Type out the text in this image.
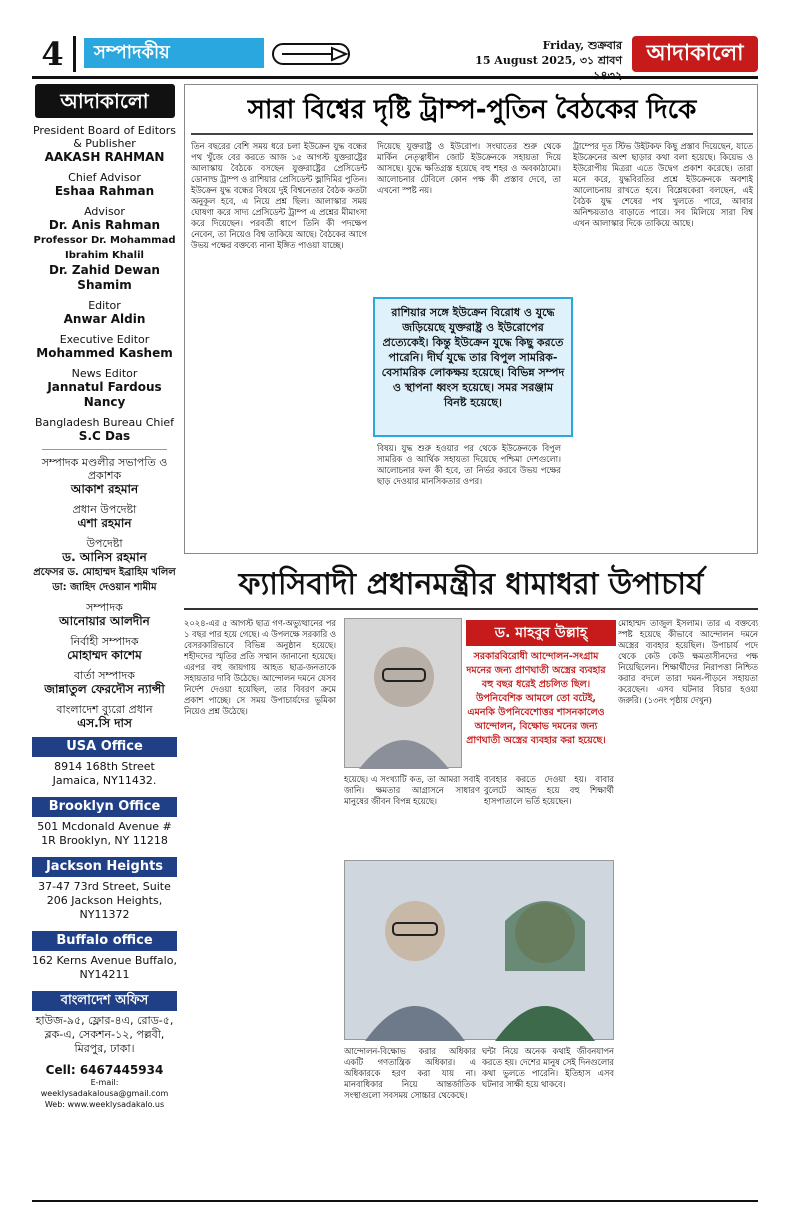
4	সম্পাদকীয়	Friday, শুক্রবার
15 August 2025, ৩১ শ্রাবণ	আদাকালো
আদাকালো
President Board of Editors & Publisher
AAKASH RAHMAN
Chief Advisor
Eshaa Rahman
Advisor
Dr. Anis Rahman
Professor Dr. Mohammad Ibrahim Khalil
Dr. Zahid Dewan Shamim
Editor
Anwar Aldin
Executive Editor
Mohammed Kashem
News Editor
Jannatul Fardous Nancy
Bangladesh Bureau Chief
S.C Das
সম্পাদক মণ্ডলীর সভাপতি ও প্রকাশক
আকাশ রহমান
প্রধান উপদেষ্টা
এশা রহমান
উপদেষ্টা
ড. আনিস রহমান
প্রফেসর ড. মোহাম্মদ ইব্রাহিম খলিল
ডা: জাহিদ দেওয়ান শামীম
সম্পাদক
আনোয়ার আলদীন
নির্বাহী সম্পাদক
মোহাম্মদ কাশেম
বার্তা সম্পাদক
জান্নাতুল ফেরদৌস ন্যান্সী
বাংলাদেশ ব্যুরো প্রধান
এস.সি দাস
USA Office
8914 168th Street Jamaica, NY11432.
Brooklyn Office
501 Mcdonald Avenue # 1R Brooklyn, NY 11218
Jackson Heights
37-47 73rd Street, Suite 206 Jackson Heights, NY11372
Buffalo office
162 Kerns Avenue Buffalo, NY14211
বাংলাদেশ অফিস
হাউজ-৯৫, ফ্লোর-৪এ, রোড-৫, ব্লক-এ, সেকশন-১২, পল্লবী, মিরপুর, ঢাকা।
Cell: 6467445934
E-mail: weeklysadakalousa@gmail.com
Web: www.weeklysadakalo.us
সারা বিশ্বের দৃষ্টি ট্রাম্প-পুতিন বৈঠকের দিকে
তিন বছরের বেশি সময় ধরে চলা ইউক্রেন যুদ্ধ বন্ধের পথ খুঁজে বের করতে আজ ১৫ আগস্ট যুক্তরাষ্ট্রের আলাস্কায় বৈঠকে বসছেন যুক্তরাষ্ট্রের প্রেসিডেন্ট ডোনাল্ড ট্রাম্প ও রাশিয়ার প্রেসিডেন্ট ভ্লাদিমির পুতিন। ইউক্রেন যুদ্ধ বন্ধের বিষয়ে দুই বিশ্বনেতার বৈঠক কতটা অনুকূল হবে, এ নিয়ে প্রশ্ন ছিল। আলাস্কার সময় ঘোষণা করে সাদ্য প্রেসিডেন্ট ট্রাম্প এ প্রশ্নের মীমাংসা করে দিয়েছেন। পরবর্তী ধাপে তিনি কী পদক্ষেপ নেবেন, তা নিয়েও বিশ্ব তাকিয়ে আছে। বৈঠকের আগে উভয় পক্ষের বক্তব্যে নানা ইঙ্গিত পাওয়া যাচ্ছে।
দিয়েছে যুক্তরাষ্ট্র ও ইউরোপ। সংঘাতের শুরু থেকে মার্কিন নেতৃত্বাধীন জোট ইউক্রেনকে সহায়তা দিয়ে আসছে। যুদ্ধে ক্ষতিগ্রস্ত হয়েছে বহু শহর ও অবকাঠামো। আলোচনার টেবিলে কোন পক্ষ কী প্রস্তাব দেবে, তা এখনো স্পষ্ট নয়।
রাশিয়ার সঙ্গে ইউক্রেন বিরোধ ও যুদ্ধে জড়িয়েছে যুক্তরাষ্ট্র ও ইউরোপের প্রত্যেকেই। কিন্তু ইউক্রেন যুদ্ধে কিছু করতে পারেনি। দীর্ঘ যুদ্ধে তার বিপুল সামরিক-বেসামরিক লোকক্ষয় হয়েছে। বিভিন্ন সম্পদ ও স্থাপনা ধ্বংস হয়েছে। সমর সরঞ্জাম বিনষ্ট হয়েছে।
বিষয়। যুদ্ধ শুরু হওয়ার পর থেকে ইউক্রেনকে বিপুল সামরিক ও আর্থিক সহায়তা দিয়েছে পশ্চিমা দেশগুলো। আলোচনার ফল কী হবে, তা নির্ভর করবে উভয় পক্ষের ছাড় দেওয়ার মানসিকতার ওপর।
ট্রাম্পের দূত স্টিভ উইটকফ কিছু প্রস্তাব দিয়েছেন, যাতে ইউক্রেনের অংশ ছাড়ার কথা বলা হয়েছে। কিয়েভ ও ইউরোপীয় মিত্ররা এতে উদ্বেগ প্রকাশ করেছে। তারা মনে করে, যুদ্ধবিরতির প্রশ্নে ইউক্রেনকে অবশ্যই আলোচনায় রাখতে হবে। বিশ্লেষকেরা বলছেন, এই বৈঠক যুদ্ধ শেষের পথ খুলতে পারে, আবার অনিশ্চয়তাও বাড়াতে পারে। সব মিলিয়ে সারা বিশ্ব এখন আলাস্কার দিকে তাকিয়ে আছে।
ফ্যাসিবাদী প্রধানমন্ত্রীর ধামাধরা উপাচার্য
২০২৪-এর ৫ আগস্ট ছাত্র গণ-অভ্যুত্থানের পর ১ বছর পার হয়ে গেছে। এ উপলক্ষে সরকারি ও বেসরকারিভাবে বিভিন্ন অনুষ্ঠান হয়েছে। শহীদদের স্মৃতির প্রতি সম্মান জানানো হয়েছে। এরপর বহু জায়গায় আহত ছাত্র-জনতাকে সহায়তার দাবি উঠেছে। আন্দোলন দমনে যেসব নির্দেশ দেওয়া হয়েছিল, তার বিবরণ ক্রমে প্রকাশ পাচ্ছে। সে সময় উপাচার্যদের ভূমিকা নিয়েও প্রশ্ন উঠেছে।
ড. মাহবুব উল্লাহ্
সরকারবিরোধী আন্দোলন-সংগ্রাম দমনের জন্য প্রাণঘাতী অস্ত্রের ব্যবহার বহু বছর ধরেই প্রচলিত ছিল। উপনিবেশিক আমলে তো বটেই, এমনকি উপনিবেশোত্তর শাসনকালেও আন্দোলন, বিক্ষোভ দমনের জন্য প্রাণঘাতী অস্ত্রের ব্যবহার করা হয়েছে।
হয়েছে। এ সংখ্যাটি কত, তা আমরা সবাই জানি। ক্ষমতার আগ্রাসনে সাধারণ মানুষের জীবন বিপন্ন হয়েছে।
ব্যবহার করতে দেওয়া হয়। বাবার বুলেটে আহত হয়ে বহু শিক্ষার্থী হাসপাতালে ভর্তি হয়েছেন।
আন্দোলন-বিক্ষোভ করার অধিকার একটি গণতান্ত্রিক অধিকার। এ অধিকারকে হরণ করা যায় না। মানবাধিকার নিয়ে আন্তর্জাতিক সংস্থাগুলো সবসময় সোচ্চার থেকেছে।
ঘন্টা নিয়ে অনেক কথাই জীবনযাপন করতে হয়। দেশের মানুষ সেই দিনগুলোর কথা ভুলতে পারেনি। ইতিহাস এসব ঘটনার সাক্ষী হয়ে থাকবে।
মোহাম্মদ তাজুল ইসলাম। তার এ বক্তব্যে স্পষ্ট হয়েছে কীভাবে আন্দোলন দমনে অস্ত্রের ব্যবহার হয়েছিল। উপাচার্য পদে থেকে কেউ কেউ ক্ষমতাসীনদের পক্ষ নিয়েছিলেন। শিক্ষার্থীদের নিরাপত্তা নিশ্চিত করার বদলে তারা দমন-পীড়নে সহায়তা করেছেন। এসব ঘটনার বিচার হওয়া জরুরি। (১৩নং পৃষ্ঠায় দেখুন)
